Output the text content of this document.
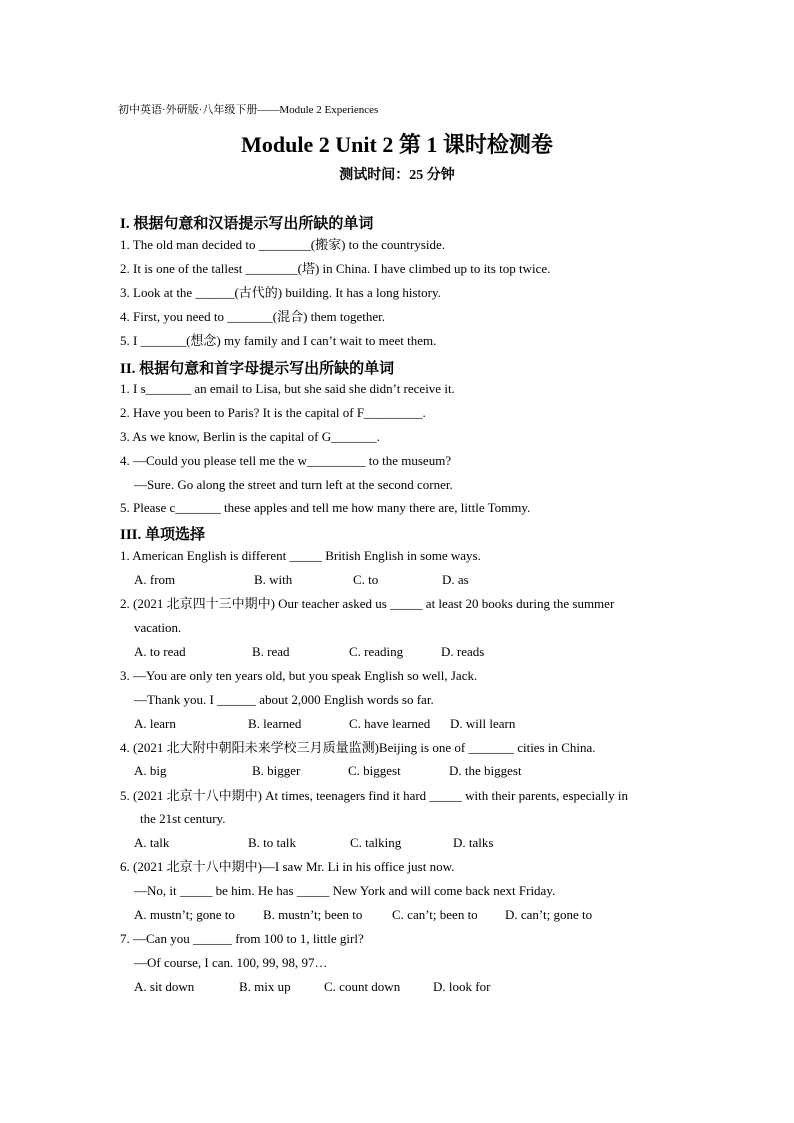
初中英语·外研版·八年级下册——Module 2 Experiences
Module 2 Unit 2 第 1 课时检测卷
测试时间：25 分钟
I. 根据句意和汉语提示写出所缺的单词
1. The old man decided to ________(搬家) to the countryside.
2. It is one of the tallest ________(塔) in China. I have climbed up to its top twice.
3. Look at the ______(古代的) building. It has a long history.
4. First, you need to _______(混合) them together.
5. I _______(想念) my family and I can’t wait to meet them.
II. 根据句意和首字母提示写出所缺的单词
1. I s_______ an email to Lisa, but she said she didn’t receive it.
2. Have you been to Paris? It is the capital of F_________.
3. As we know, Berlin is the capital of G_______.
4. —Could you please tell me the w_________ to the museum?
—Sure. Go along the street and turn left at the second corner.
5. Please c_______ these apples and tell me how many there are, little Tommy.
III. 单项选择
1. American English is different _____ British English in some ways.
A. from	B. with	C. to	D. as
2. (2021 北京四十三中期中) Our teacher asked us _____ at least 20 books during the summer
vacation.
A. to read	B. read	C. reading	D. reads
3. —You are only ten years old, but you speak English so well, Jack.
—Thank you. I ______ about 2,000 English words so far.
A. learn	B. learned	C. have learned D. will learn
4. (2021 北大附中朝阳未来学校三月质量监测)Beijing is one of _______ cities in China.
A. big	B. bigger	C. biggest	D. the biggest
5. (2021 北京十八中期中) At times, teenagers find it hard _____ with their parents, especially in
the 21st century.
A. talk	B. to talk	C. talking	D. talks
6. (2021 北京十八中期中)—I saw Mr. Li in his office just now.
—No, it _____ be him. He has _____ New York and will come back next Friday.
A. mustn’t; gone to B. mustn’t; been to C. can’t; been to D. can’t; gone to
7. —Can you ______ from 100 to 1, little girl?
—Of course, I can. 100, 99, 98, 97…
A. sit down	B. mix up	C. count down	D. look for
